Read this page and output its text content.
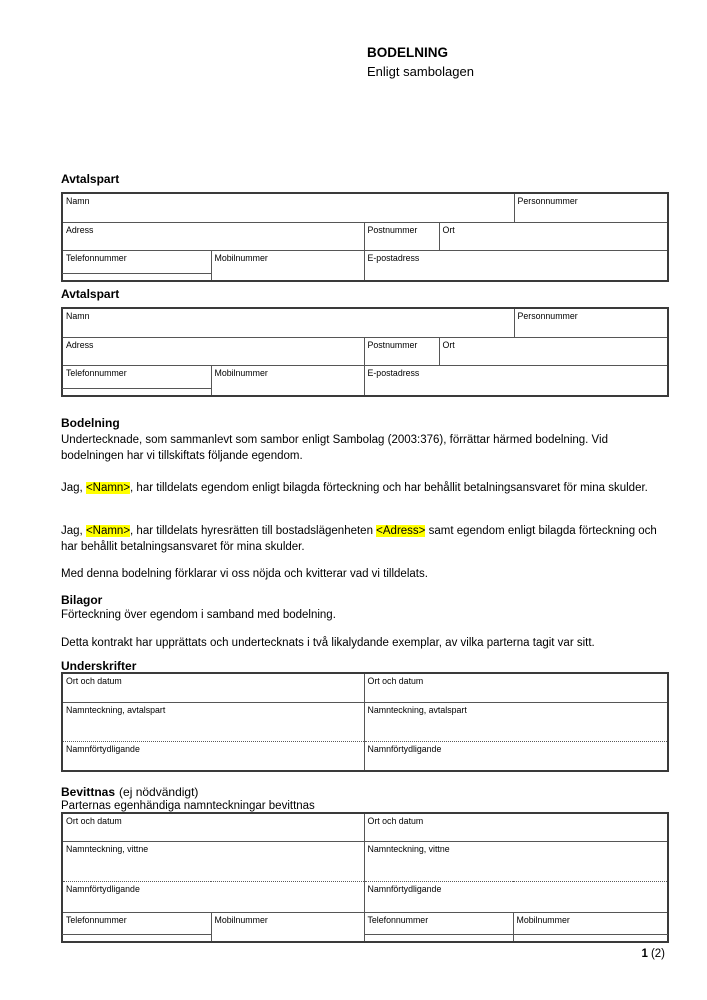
BODELNING
Enligt sambolagen
Avtalspart
Namn				Personnummer

Adress		Postnummer	Ort	

Telefonnummer	Mobilnummer	E-postadress		
Avtalspart
Namn				Personnummer

Adress		Postnummer	Ort	

Telefonnummer	Mobilnummer	E-postadress		
Bodelning

Undertecknade, som sammanlevt som sambor enligt Sambolag (2003:376), förrättar härmed bodelning. Vid bodelningen har vi tillskiftats följande egendom.

Jag, <Namn>, har tilldelats egendom enligt bilagda förteckning och har behållit betalningsansvaret för mina skulder.

Jag, <Namn>, har tilldelats hyresrätten till bostadslägenheten <Adress> samt egendom enligt bilagda förteckning och har behållit betalningsansvaret för mina skulder.

Med denna bodelning förklarar vi oss nöjda och kvitterar vad vi tilldelats.

Bilagor

Förteckning över egendom i samband med bodelning.

Detta kontrakt har upprättats och undertecknats i två likalydande exemplar, av vilka parterna tagit var sitt.

Underskrifter
Ort och datum	Ort och datum

Namnteckning, avtalspart	Namnteckning, avtalspart

Namnförtydligande	Namnförtydligande
Bevittnas (ej nödvändigt)

Parternas egenhändiga namnteckningar bevittnas

Ort och datum		Ort och datum	

Namnteckning, vittne		Namnteckning, vittne	

Namnförtydligande		Namnförtydligande	

Telefonnummer	Mobilnummer	Telefonnummer	Mobilnummer
1 (2)
